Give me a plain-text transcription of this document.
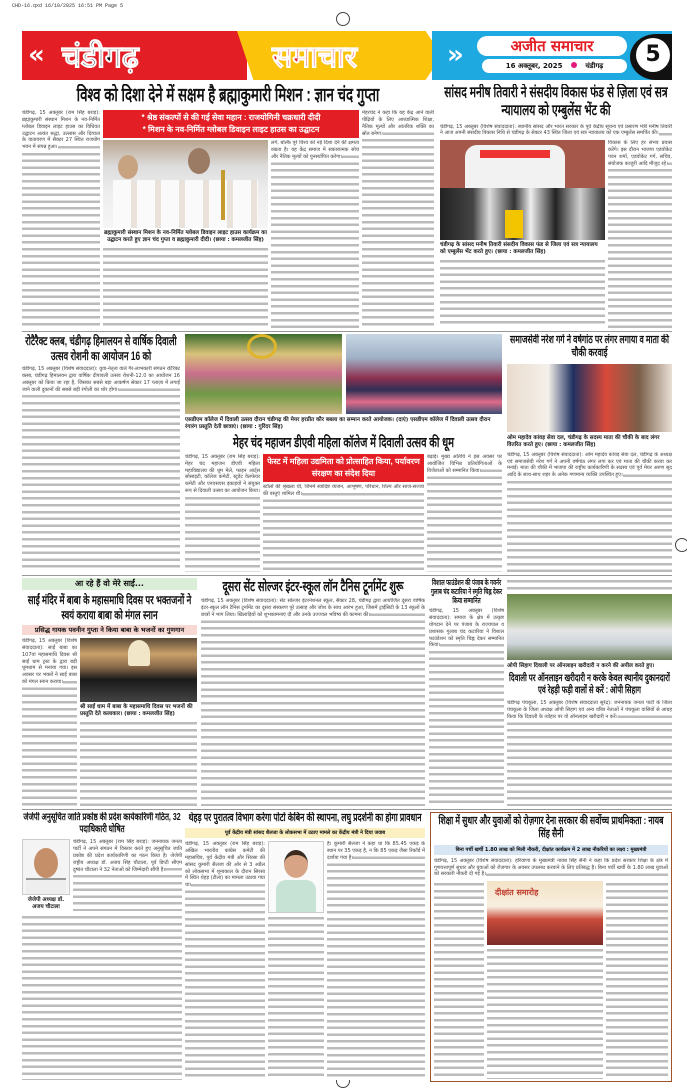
CHD-16.qxd 16/10/2025 16:51 PM Page 5
« चंडीगढ़	समाचार	»	अजीत समाचार
16 अक्तूबर, 2025	चंडीगढ़	5
विश्व को दिशा देने में सक्षम है ब्रह्माकुमारी मिशन : ज्ञान चंद गुप्ता
चंडीगढ़, 15 अक्तूबर (राम सिंह बराड़): ब्रह्माकुमारी संस्थान मिशन के नव-निर्मित ग्लोबल डिवाइन लाइट हाउस का विधिवत उद्घाटन अत्यंत श्रद्धा, उल्लास और दिव्यता के वातावरण में सैक्टर 27 स्थित राजयोग भवन में संपन्न हुआ।
* श्रेष्ठ संकल्पों से की गई सेवा महान : राजयोगिनी चक्रधारी दीदी
* मिशन के नव-निर्मित ग्लोबल डिवाइन लाइट हाउस का उद्घाटन
ब्रह्माकुमारी संस्थान मिशन के नव-निर्मित ग्लोबल डिवाइन लाइट हाउस कार्यक्रम का उद्घाटन करते हुए ज्ञान चंद गुप्ता व ब्रह्माकुमारी दीदी। (छाया : कमलजीत सिंह)
लगे, बल्कि पूरे विश्व को नई दिशा देने की क्षमता रखता है। यह केंद्र समाज में सकारात्मक सोच और नैतिक मूल्यों को पुनर्स्थापित करेगा।
मेहरचंद ने कहा कि यह केंद्र आने वाली पीढ़ियों के लिए आध्यात्मिक शिक्षा, नैतिक मूल्यों और आंतरिक शक्ति का स्रोत बनेगा।
सांसद मनीष तिवारी ने संसदीय विकास फंड से ज़िला एवं सत्र न्यायालय को एम्बुलेंस भेंट की
चंडीगढ़, 15 अक्तूबर (विशेष संवाददाता): स्थानीय सांसद और भारत सरकार के पूर्व केंद्रीय सूचना एवं प्रसारण मंत्री मनीष तिवारी ने आज अपनी संसदीय विकास निधि से चंडीगढ़ के सेक्टर 43 स्थित जिला एवं सत्र न्यायालय को एक एम्बुलेंस समर्पित की।
चंडीगढ़ के सांसद मनीष तिवारी संसदीय विकास फंड से जिला एवं सत्र न्यायालय को एम्बुलेंस भेंट करते हुए। (छाया : कमलजीत सिंह)
विकास के लिए हर संभव प्रयास करेंगे। इस दौरान भाजपा एडवोकेट पवन शर्मा, एडवोकेट गर्ग, सचिव, संयोजक काजुरी आदि मौजूद रहे।
रोटैरैक्ट क्लब, चंडीगढ़ हिमालयन से वार्षिक दिवाली उत्सव रोशनी का आयोजन 16 को
चंडीगढ़, 15 अक्तूबर (विशेष संवाददाता): युवा-नेतृत्व वाले गैर-लाभकारी संगठन रोटैरैक्ट क्लब, चंडीगढ़ हिमालयन द्वारा वार्षिक दीपावली उत्सव रोशनी-12.0 का आयोजन 16 अक्तूबर को किया जा रहा है, जिसका सबसे बड़ा आकर्षण सेक्टर 17 प्लाज़ा में लगाई जाने वाली दुकानों की सबसे बड़ी रंगोली का शोर होगा।
एसडीएम कॉलेज में दिवाली उत्सव दौरान चंडीगढ़ की मेयर हरप्रीत कौर बबला का सम्मान करते आयोजक। (दाएं) एसडीएम कॉलेज में दिवाली उत्सव दौरान रंगारंग प्रस्तुति देती छात्राएं। (छाया : गुरिंदर सिंह)
मेहर चंद महाजन डीएवी महिला कॉलेज में दिवाली उत्सव की धूम
चंडीगढ़, 15 अक्तूबर (राम सिंह बराड़): मेहर चंद महाजन डीएवी महिला महाविद्यालय की धूम मेले, फाइन आर्ट्स सोसाइटी, कॉलेज कमेटी, स्टूडेंट वेलफेयर कमेटी और एनएसएस इकाइयों ने संयुक्त रूप से दिवाली उत्सव का आयोजन किया।
फेस्ट में महिला उद्यमिता को प्रोत्साहित किया, पर्यावरण संरक्षण का संदेश दिया
स्टॉलों की श्रृंखला थी, जिनमें स्वादिष्ट व्यंजन, आभूषण, परिधान, शिल्प और साज-सज्जा की वस्तुएं शामिल थीं।
बढ़ाई। मुख्य अतिथि ने इस अवसर पर आयोजित विभिन्न प्रतियोगिताओं के विजेताओं को सम्मानित किया।
समाजसेवी नरेश गर्ग ने वर्षगांठ पर लंगर लगाया व माता की चौकी करवाई
ओम महादेव कांवड़ सेवा दल, चंडीगढ़ के सदस्य माता की चौकी के बाद लंगर वितरित करते हुए। (छाया : कमलजीत सिंह)
चंडीगढ़, 15 अक्तूबर (विशेष संवाददाता): ओम महादेव कांवड़ सेवा दल, चंडीगढ़ के अध्यक्ष एवं समाजसेवी नरेश गर्ग ने अपनी वर्षगांठ लंगर लगा कर एवं माता की चौकी करवा कर मनाई। माता की चौकी में भाजपा की राष्ट्रीय कार्यकारिणी के सदस्य एवं पूर्व मेयर अरुण सूद आदि के साथ-साथ शहर के अनेक गणमान्य व्यक्ति उपस्थित हुए।
आ रहे हैं वो मेरे साईं...
साईं मंदिर में बाबा के महासमाधि दिवस पर भक्तजनों ने स्वयं कराया बाबा को मंगल स्नान
प्रसिद्ध गायक पवनीन गुप्ता ने किया बाबा के भजनों का गुणगान
चंडीगढ़, 15 अक्तूबर (विशेष संवाददाता): साईं बाबा का 107वां महासमाधि दिवस श्री साईं धाम ट्रस्ट के द्वारा बड़ी धूमधाम से मनाया गया। इस अवसर पर भक्तों ने साईं बाबा को मंगल स्नान कराया।
श्री साईं धाम में बाबा के महासमाधि दिवस पर भजनों की प्रस्तुति देते कलाकार। (छाया : कमलजीत सिंह)
दूसरा सेंट सोल्जर इंटर-स्कूल लॉन टैनिस टूर्नामेंट शुरू
चंडीगढ़, 15 अक्तूबर (विशेष संवाददाता): सेंट सोल्जर इंटरनेशनल स्कूल, सैक्टर 28, चंडीगढ़ द्वारा आयोजित दूसरा वार्षिक इंटर-स्कूल लॉन टैनिस टूर्नामेंट का दूसरा संस्करण पूरे उत्साह और जोश के साथ आरंभ हुआ, जिसमें ट्राईसिटी के 13 स्कूलों के छात्रों ने भाग लिया। खिलाड़ियों को शुभकामनाएं दीं और उनके उज्ज्वल भविष्य की कामना की।
विशाल फाउंडेशन की पंजाब के गवर्नर गुलाब चंद कटारिया ने स्मृति चिह्न देकर किया सम्मानित
चंडीगढ़, 15 अक्तूबर (विशेष संवाददाता): समाज के क्षेत्र में उत्कृष्ट योगदान देने पर पंजाब के राज्यपाल व प्रशासक गुलाब चंद कटारिया ने विशाल फाउंडेशन को स्मृति चिह्न देकर सम्मानित किया।
ओपी सिहाग दिवाली पर ऑनलाइन खरीदारी न करने की अपील करते हुए।
दिवाली पर ऑनलाइन खरीदारी न करके केवल स्थानीय दुकानदारों एवं रेहड़ी फड़ी वालों से करें : ओपी सिहाग
चंडीगढ़ पंचकूला, 15 अक्तूबर (विशेष संवाददाता सुरेंद्र): जननायक जनता पार्टी के जिला पंचकूला के जिला अध्यक्ष ओपी सिहाग एवं अन्य वरिष्ठ नेताओं ने पंचकूला वासियों से आग्रह किया कि दिवाली के त्योहार पर वो ऑनलाइन खरीदारी न करें।
जेजेपी अनुसूचित जाति प्रकोष्ठ की प्रदेश कार्यकारिणी गठित, 32 पदाधिकारी घोषित
जेजेपी अध्यक्ष डॉ. अजय चौटाला
चंडीगढ़, 15 अक्तूबर (राम सिंह बराड़): जननायक जनता पार्टी ने अपने संगठन में विस्तार करते हुए अनुसूचित जाति प्रकोष्ठ की प्रदेश कार्यकारिणी का गठन किया है। जेजेपी राष्ट्रीय अध्यक्ष डॉ. अजय सिंह चौटाला, पूर्व डिप्टी सीएम दुष्यंत चौटाला ने 32 नेताओं को जिम्मेदारी सौंपी है।
थेहड़ पर पुरातत्व विभाग करेगा पोर्टा केबिन की स्थापना, लघु प्रदर्शनी का होगा प्रावधान
पूर्व केंद्रीय मंत्री सांसद शैलजा के लोकसभा में उठाए मामले का केंद्रीय मंत्री ने दिया जवाब
चंडीगढ़, 15 अक्तूबर (राम सिंह बराड़): अखिल भारतीय कांग्रेस कमेटी की महासचिव, पूर्व केंद्रीय मंत्री और सिरसा की सांसद कुमारी सैलजा की ओर से 3 अप्रैल को लोकसभा में शून्यकाल के दौरान सिरसा में स्थित थेहड़ (टीला) का मामला उठाया गया था।
है। कुमारी सैलजा ने कहा था कि 85.45 एकड़ के स्थान पर 35 एकड़ है, न कि 85 एकड़ जैसा रिकॉर्ड में दर्शाया गया है।
शिक्षा में सुधार और युवाओं को रोज़गार देना सरकार की सर्वोच्च प्राथमिकता : नायब सिंह सैनी
बिना पर्ची खर्ची 1.80 लाख को मिली नौकरी, दीक्षांत कार्यक्रम में 2 लाख नौकरियों का लक्ष्य : मुख्यमंत्री
चंडीगढ़, 15 अक्तूबर (विशेष संवाददाता): हरियाणा के मुख्यमंत्री नायब सिंह सैनी ने कहा कि प्रदेश सरकार शिक्षा के क्षेत्र में गुणवत्तापूर्ण सुधार और युवाओं को रोज़गार के अवसर उपलब्ध करवाने के लिए प्रतिबद्ध है। बिना पर्ची खर्ची के 1.80 लाख युवाओं को सरकारी नौकरी दी गई है।
दीक्षांत समारोह
